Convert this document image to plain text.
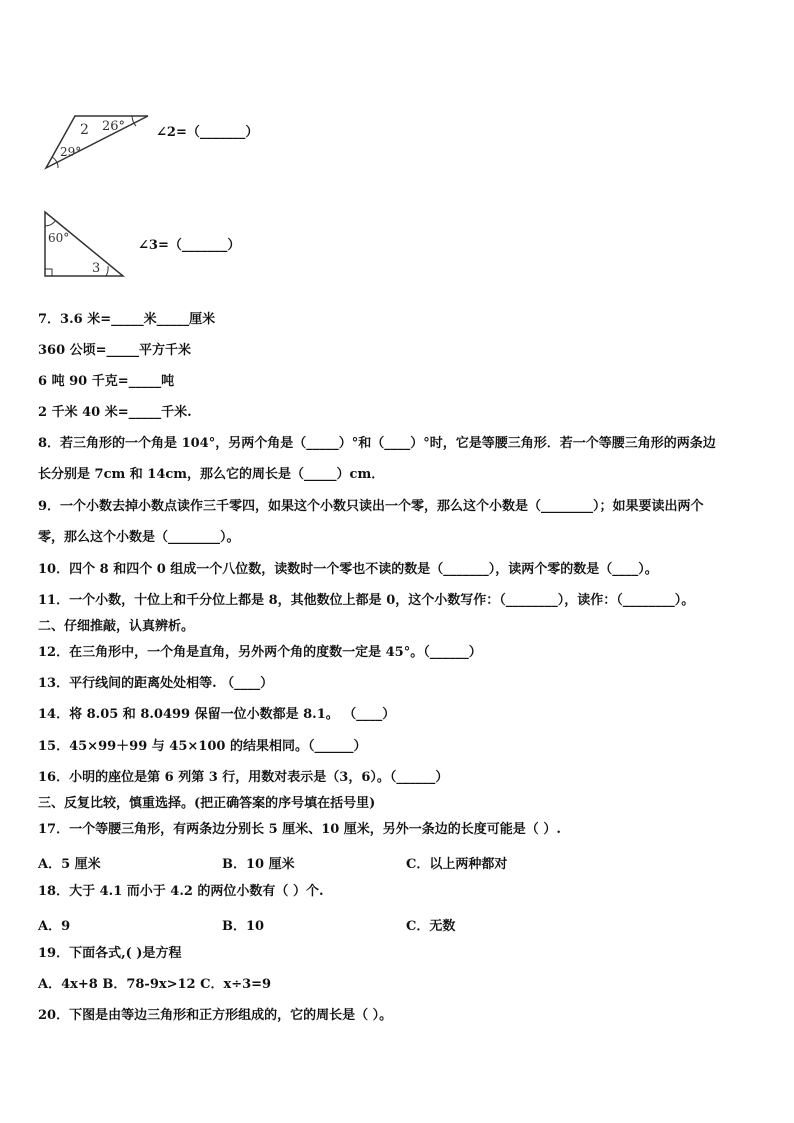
2 26°
29°
∠2=（_______）
60°
3
∠3=（_______）
7．3.6 米=_____米_____厘米
360 公顷=_____平方千米
6 吨 90 千克=_____吨
2 千米 40 米=_____千米.
8．若三角形的一个角是 104°，另两个角是（_____）°和（____）°时，它是等腰三角形．若一个等腰三角形的两条边
长分别是 7cm 和 14cm，那么它的周长是（_____）cm．
9．一个小数去掉小数点读作三千零四，如果这个小数只读出一个零，那么这个小数是（________）；如果要读出两个
零，那么这个小数是（________）。
10．四个 8 和四个 0 组成一个八位数，读数时一个零也不读的数是（_______），读两个零的数是（____）。
11．一个小数，十位上和千分位上都是 8，其他数位上都是 0，这个小数写作：（________），读作：（________）。
二、仔细推敲，认真辨析。
12．在三角形中，一个角是直角，另外两个角的度数一定是 45°。（______）
13．平行线间的距离处处相等. （____）
14．将 8.05 和 8.0499 保留一位小数都是 8.1。 （____）
15．45×99＋99 与 45×100 的结果相同。（______）
16．小明的座位是第 6 列第 3 行，用数对表示是（3，6）。（______）
三、反复比较，慎重选择。(把正确答案的序号填在括号里)
17．一个等腰三角形，有两条边分别长 5 厘米、10 厘米，另外一条边的长度可能是（ ）.
A．5 厘米	B．10 厘米	C．以上两种都对
18．大于 4.1 而小于 4.2 的两位小数有（ ）个.
A．9	B．10	C．无数
19．下面各式,( )是方程
A．4x+8 B．78-9x>12 C．x÷3=9
20．下图是由等边三角形和正方形组成的，它的周长是（ ）。
